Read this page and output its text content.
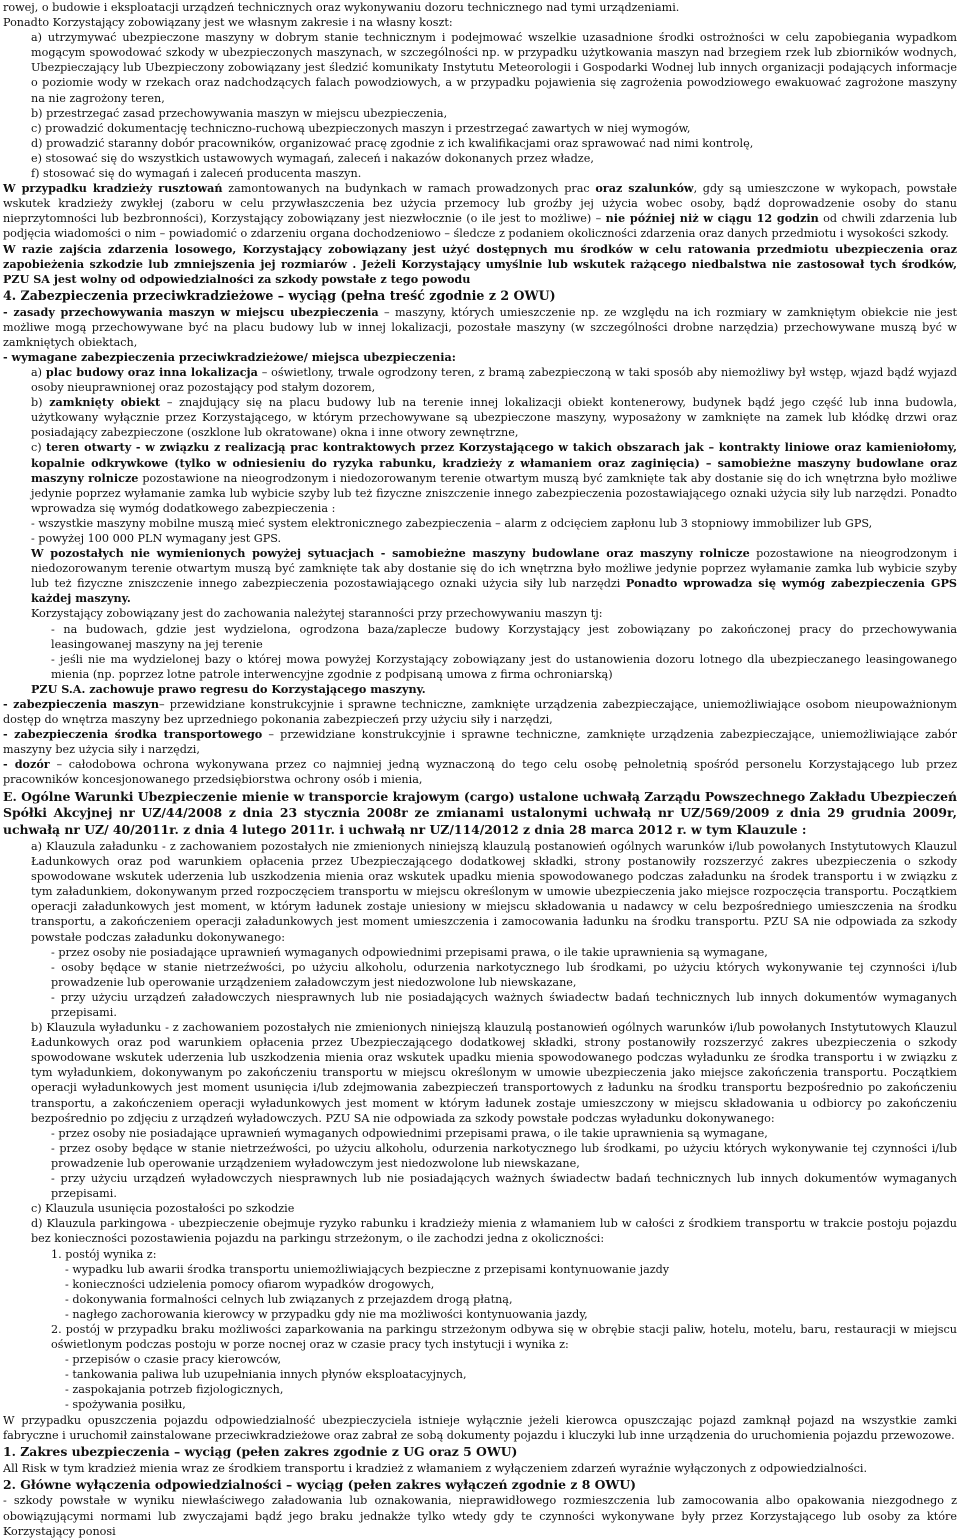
rowej, o budowie i eksploatacji urządzeń technicznych oraz wykonywaniu dozoru technicznego nad tymi urządzeniami.

Ponadto Korzystający zobowiązany jest we własnym zakresie i na własny koszt:

a) utrzymywać ubezpieczone maszyny w dobrym stanie technicznym i podejmować wszelkie uzasadnione środki ostrożności w celu zapobiegania wypadkom mogącym spowodować szkody w ubezpieczonych maszynach, w szczególności np. w przypadku użytkowania maszyn nad brzegiem rzek lub zbiorników wodnych, Ubezpieczający lub Ubezpieczony zobowiązany jest śledzić komunikaty Instytutu Meteorologii i Gospodarki Wodnej lub innych organizacji podających informacje o poziomie wody w rzekach oraz nadchodzących falach powodziowych, a w przypadku pojawienia się zagrożenia powodziowego ewakuować zagrożone maszyny na nie zagrożony teren,

b) przestrzegać zasad przechowywania maszyn w miejscu ubezpieczenia,

c) prowadzić dokumentację techniczno-ruchową ubezpieczonych maszyn i przestrzegać zawartych w niej wymogów,

d) prowadzić staranny dobór pracowników, organizować pracę zgodnie z ich kwalifikacjami oraz sprawować nad nimi kontrolę,

e) stosować się do wszystkich ustawowych wymagań, zaleceń i nakazów dokonanych przez władze,

f) stosować się do wymagań i zaleceń producenta maszyn.

W przypadku kradzieży rusztowań zamontowanych na budynkach w ramach prowadzonych prac oraz szalunków, gdy są umieszczone w wykopach, powstałe wskutek kradzieży zwykłej (zaboru w celu przywłaszczenia bez użycia przemocy lub groźby jej użycia wobec osoby, bądź doprowadzenie osoby do stanu nieprzytomności lub bezbronności), Korzystający zobowiązany jest niezwłocznie (o ile jest to możliwe) – nie później niż w ciągu 12 godzin od chwili zdarzenia lub podjęcia wiadomości o nim – powiadomić o zdarzeniu organa dochodzeniowo – śledcze z podaniem okoliczności zdarzenia oraz danych przedmiotu i wysokości szkody.

W razie zajścia zdarzenia losowego, Korzystający zobowiązany jest użyć dostępnych mu środków w celu ratowania przedmiotu ubezpieczenia oraz zapobieżenia szkodzie lub zmniejszenia jej rozmiarów . Jeżeli Korzystający umyślnie lub wskutek rażącego niedbalstwa nie zastosował tych środków, PZU SA jest wolny od odpowiedzialności za szkody powstałe z tego powodu

4. Zabezpieczenia przeciwkradzieżowe – wyciąg (pełna treść zgodnie z 2 OWU)

- zasady przechowywania maszyn w miejscu ubezpieczenia – maszyny, których umieszczenie np. ze względu na ich rozmiary w zamkniętym obiekcie nie jest możliwe mogą przechowywane być na placu budowy lub w innej lokalizacji, pozostałe maszyny (w szczególności drobne narzędzia) przechowywane muszą być w zamkniętych obiektach,

- wymagane zabezpieczenia przeciwkradzieżowe/ miejsca ubezpieczenia:

a) plac budowy oraz inna lokalizacja – oświetlony, trwale ogrodzony teren, z bramą zabezpieczoną w taki sposób aby niemożliwy był wstęp, wjazd bądź wyjazd osoby nieuprawnionej oraz pozostający pod stałym dozorem,

b) zamknięty obiekt – znajdujący się na placu budowy lub na terenie innej lokalizacji obiekt kontenerowy, budynek bądź jego część lub inna budowla, użytkowany wyłącznie przez Korzystającego, w którym przechowywane są ubezpieczone maszyny, wyposażony w zamknięte na zamek lub kłódkę drzwi oraz posiadający zabezpieczone (oszklone lub okratowane) okna i inne otwory zewnętrzne,

c) teren otwarty - w związku z realizacją prac kontraktowych przez Korzystającego w takich obszarach jak – kontrakty liniowe oraz kamieniołomy, kopalnie odkrywkowe (tylko w odniesieniu do ryzyka rabunku, kradzieży z włamaniem oraz zaginięcia) – samobieżne maszyny budowlane oraz maszyny rolnicze pozostawione na nieogrodzonym i niedozorowanym terenie otwartym muszą być zamknięte tak aby dostanie się do ich wnętrzna było możliwe jedynie poprzez wyłamanie zamka lub wybicie szyby lub też fizyczne zniszczenie innego zabezpieczenia pozostawiającego oznaki użycia siły lub narzędzi. Ponadto wprowadza się wymóg dodatkowego zabezpieczenia :

- wszystkie maszyny mobilne muszą mieć system elektronicznego zabezpieczenia – alarm z odcięciem zapłonu lub 3 stopniowy immobilizer lub GPS,

- powyżej 100 000 PLN wymagany jest GPS.

W pozostałych nie wymienionych powyżej sytuacjach - samobieżne maszyny budowlane oraz maszyny rolnicze pozostawione na nieogrodzonym i niedozorowanym terenie otwartym muszą być zamknięte tak aby dostanie się do ich wnętrzna było możliwe jedynie poprzez wyłamanie zamka lub wybicie szyby lub też fizyczne zniszczenie innego zabezpieczenia pozostawiającego oznaki użycia siły lub narzędzi Ponadto wprowadza się wymóg zabezpieczenia GPS każdej maszyny.

Korzystający zobowiązany jest do zachowania należytej staranności przy przechowywaniu maszyn tj:

- na budowach, gdzie jest wydzielona, ogrodzona baza/zaplecze budowy Korzystający jest zobowiązany po zakończonej pracy do przechowywania leasingowanej maszyny na jej terenie

- jeśli nie ma wydzielonej bazy o której mowa powyżej Korzystający zobowiązany jest do ustanowienia dozoru lotnego dla ubezpieczanego leasingowanego mienia (np. poprzez lotne patrole interwencyjne zgodnie z podpisaną umowa z firma ochroniarską)

PZU S.A. zachowuje prawo regresu do Korzystającego maszyny.

- zabezpieczenia maszyn– przewidziane konstrukcyjnie i sprawne techniczne, zamknięte urządzenia zabezpieczające, uniemożliwiające osobom nieupoważnionym dostęp do wnętrza maszyny bez uprzedniego pokonania zabezpieczeń przy użyciu siły i narzędzi,

- zabezpieczenia środka transportowego – przewidziane konstrukcyjnie i sprawne techniczne, zamknięte urządzenia zabezpieczające, uniemożliwiające zabór maszyny bez użycia siły i narzędzi,

- dozór – całodobowa ochrona wykonywana przez co najmniej jedną wyznaczoną do tego celu osobę pełnoletnią spośród personelu Korzystającego lub przez pracowników koncesjonowanego przedsiębiorstwa ochrony osób i mienia,

E. Ogólne Warunki Ubezpieczenie mienie w transporcie krajowym (cargo) ustalone uchwałą Zarządu Powszechnego Zakładu Ubezpieczeń Spółki Akcyjnej nr UZ/44/2008 z dnia 23 stycznia 2008r ze zmianami ustalonymi uchwałą nr UZ/569/2009 z dnia 29 grudnia 2009r, uchwałą nr UZ/ 40/2011r. z dnia 4 lutego 2011r. i uchwałą nr UZ/114/2012 z dnia 28 marca 2012 r. w tym Klauzule :

a) Klauzula załadunku - z zachowaniem pozostałych nie zmienionych niniejszą klauzulą postanowień ogólnych warunków i/lub powołanych Instytutowych Klauzul Ładunkowych oraz pod warunkiem opłacenia przez Ubezpieczającego dodatkowej składki, strony postanowiły rozszerzyć zakres ubezpieczenia o szkody spowodowane wskutek uderzenia lub uszkodzenia mienia oraz wskutek upadku mienia spowodowanego podczas załadunku na środek transportu i w związku z tym załadunkiem, dokonywanym przed rozpoczęciem transportu w miejscu określonym w umowie ubezpieczenia jako miejsce rozpoczęcia transportu. Początkiem operacji załadunkowych jest moment, w którym ładunek zostaje uniesiony w miejscu składowania u nadawcy w celu bezpośredniego umieszczenia na środku transportu, a zakończeniem operacji załadunkowych jest moment umieszczenia i zamocowania ładunku na środku transportu. PZU SA nie odpowiada za szkody powstałe podczas załadunku dokonywanego:

- przez osoby nie posiadające uprawnień wymaganych odpowiednimi przepisami prawa, o ile takie uprawnienia są wymagane,

- osoby będące w stanie nietrzeźwości, po użyciu alkoholu, odurzenia narkotycznego lub środkami, po użyciu których wykonywanie tej czynności i/lub prowadzenie lub operowanie urządzeniem załadowczym jest niedozwolone lub niewskazane,

- przy użyciu urządzeń załadowczych niesprawnych lub nie posiadających ważnych świadectw badań technicznych lub innych dokumentów wymaganych przepisami.

b) Klauzula wyładunku - z zachowaniem pozostałych nie zmienionych niniejszą klauzulą postanowień ogólnych warunków i/lub powołanych Instytutowych Klauzul Ładunkowych oraz pod warunkiem opłacenia przez Ubezpieczającego dodatkowej składki, strony postanowiły rozszerzyć zakres ubezpieczenia o szkody spowodowane wskutek uderzenia lub uszkodzenia mienia oraz wskutek upadku mienia spowodowanego podczas wyładunku ze środka transportu i w związku z tym wyładunkiem, dokonywanym po zakończeniu transportu w miejscu określonym w umowie ubezpieczenia jako miejsce zakończenia transportu. Początkiem operacji wyładunkowych jest moment usunięcia i/lub zdejmowania zabezpieczeń transportowych z ładunku na środku transportu bezpośrednio po zakończeniu transportu, a zakończeniem operacji wyładunkowych jest moment w którym ładunek zostaje umieszczony w miejscu składowania u odbiorcy po zakończeniu bezpośrednio po zdjęciu z urządzeń wyładowczych. PZU SA nie odpowiada za szkody powstałe podczas wyładunku dokonywanego:

- przez osoby nie posiadające uprawnień wymaganych odpowiednimi przepisami prawa, o ile takie uprawnienia są wymagane,

- przez osoby będące w stanie nietrzeźwości, po użyciu alkoholu, odurzenia narkotycznego lub środkami, po użyciu których wykonywanie tej czynności i/lub prowadzenie lub operowanie urządzeniem wyładowczym jest niedozwolone lub niewskazane,

- przy użyciu urządzeń wyładowczych niesprawnych lub nie posiadających ważnych świadectw badań technicznych lub innych dokumentów wymaganych przepisami.

c) Klauzula usunięcia pozostałości po szkodzie

d) Klauzula parkingowa - ubezpieczenie obejmuje ryzyko rabunku i kradzieży mienia z włamaniem lub w całości z środkiem transportu w trakcie postoju pojazdu bez konieczności pozostawienia pojazdu na parkingu strzeżonym, o ile zachodzi jedna z okoliczności:

1. postój wynika z:

- wypadku lub awarii środka transportu uniemożliwiających bezpieczne z przepisami kontynuowanie jazdy

- konieczności udzielenia pomocy ofiarom wypadków drogowych,

- dokonywania formalności celnych lub związanych z przejazdem drogą płatną,

- nagłego zachorowania kierowcy w przypadku gdy nie ma możliwości kontynuowania jazdy,

2. postój w przypadku braku możliwości zaparkowania na parkingu strzeżonym odbywa się w obrębie stacji paliw, hotelu, motelu, baru, restauracji w miejscu oświetlonym podczas postoju w porze nocnej oraz w czasie pracy tych instytucji i wynika z:

- przepisów o czasie pracy kierowców,

- tankowania paliwa lub uzupełniania innych płynów eksploatacyjnych,

- zaspokajania potrzeb fizjologicznych,

- spożywania posiłku,

W przypadku opuszczenia pojazdu odpowiedzialność ubezpieczyciela istnieje wyłącznie jeżeli kierowca opuszczając pojazd zamknął pojazd na wszystkie zamki fabryczne i uruchomił zainstalowane przeciwkradzieżowe oraz zabrał ze sobą dokumenty pojazdu i kluczyki lub inne urządzenia do uruchomienia pojazdu przewozowe.

1. Zakres ubezpieczenia – wyciąg (pełen zakres zgodnie z UG oraz 5 OWU)

All Risk w tym kradzież mienia wraz ze środkiem transportu i kradzież z włamaniem z wyłączeniem zdarzeń wyraźnie wyłączonych z odpowiedzialności.

2. Główne wyłączenia odpowiedzialności – wyciąg (pełen zakres wyłączeń zgodnie z 8 OWU)

- szkody powstałe w wyniku niewłaściwego załadowania lub oznakowania, nieprawidłowego rozmieszczenia lub zamocowania albo opakowania niezgodnego z obowiązującymi normami lub zwyczajami bądź jego braku jednakże tylko wtedy gdy te czynności wykonywane były przez Korzystającego lub osoby za które Korzystający ponosi
